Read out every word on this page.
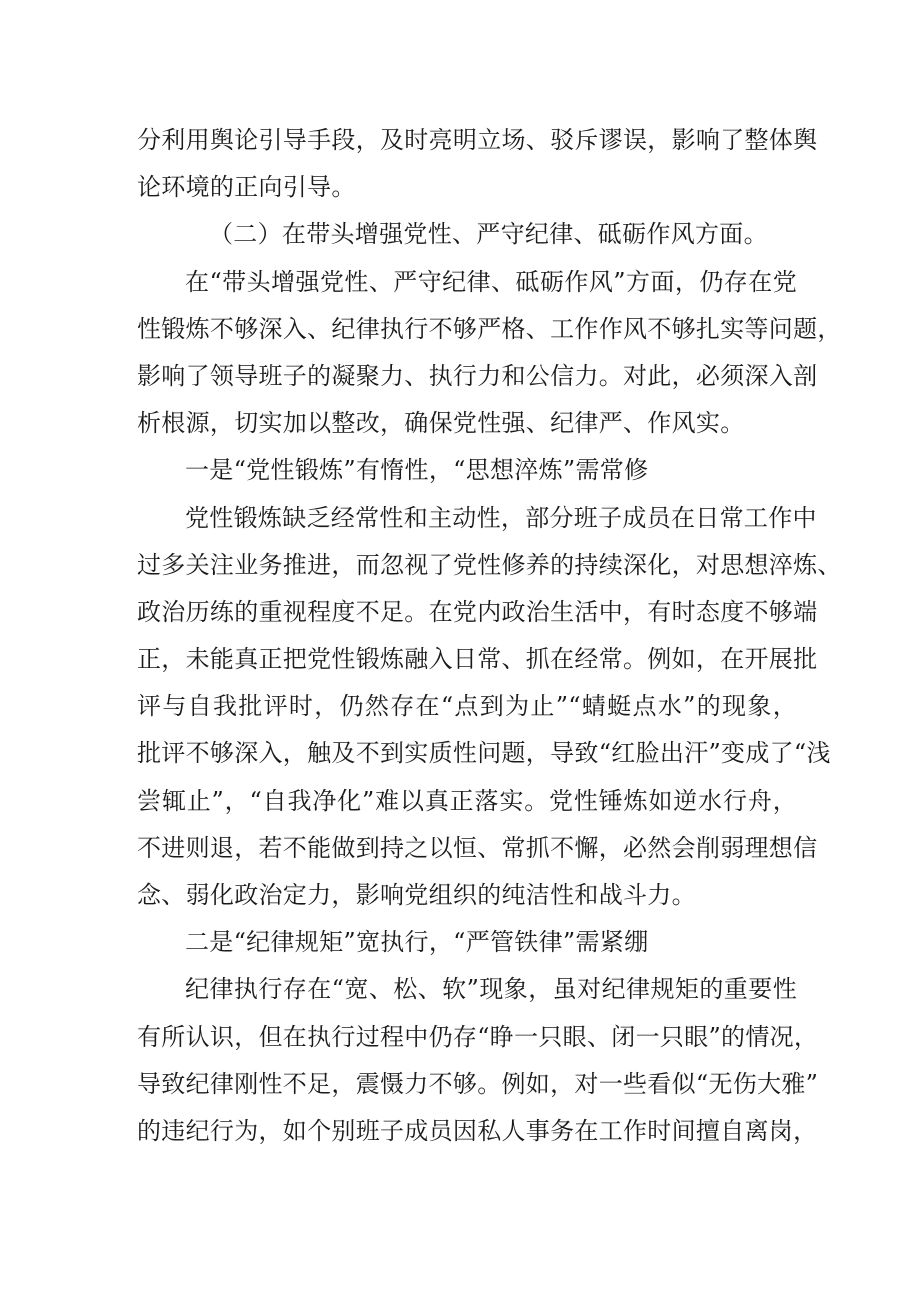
分利用舆论引导手段，及时亮明立场、驳斥谬误，影响了整体舆
论环境的正向引导。
（二）在带头增强党性、严守纪律、砥砺作风方面。
在“带头增强党性、严守纪律、砥砺作风”方面，仍存在党
性锻炼不够深入、纪律执行不够严格、工作作风不够扎实等问题，
影响了领导班子的凝聚力、执行力和公信力。对此，必须深入剖
析根源，切实加以整改，确保党性强、纪律严、作风实。
一是“党性锻炼”有惰性，“思想淬炼”需常修
党性锻炼缺乏经常性和主动性，部分班子成员在日常工作中
过多关注业务推进，而忽视了党性修养的持续深化，对思想淬炼、
政治历练的重视程度不足。在党内政治生活中，有时态度不够端
正，未能真正把党性锻炼融入日常、抓在经常。例如，在开展批
评与自我批评时，仍然存在“点到为止”“蜻蜓点水”的现象，
批评不够深入，触及不到实质性问题，导致“红脸出汗”变成了“浅
尝辄止”，“自我净化”难以真正落实。党性锤炼如逆水行舟，
不进则退，若不能做到持之以恒、常抓不懈，必然会削弱理想信
念、弱化政治定力，影响党组织的纯洁性和战斗力。
二是“纪律规矩”宽执行，“严管铁律”需紧绷
纪律执行存在“宽、松、软”现象，虽对纪律规矩的重要性
有所认识，但在执行过程中仍存“睁一只眼、闭一只眼”的情况，
导致纪律刚性不足，震慑力不够。例如，对一些看似“无伤大雅”
的违纪行为，如个别班子成员因私人事务在工作时间擅自离岗，
